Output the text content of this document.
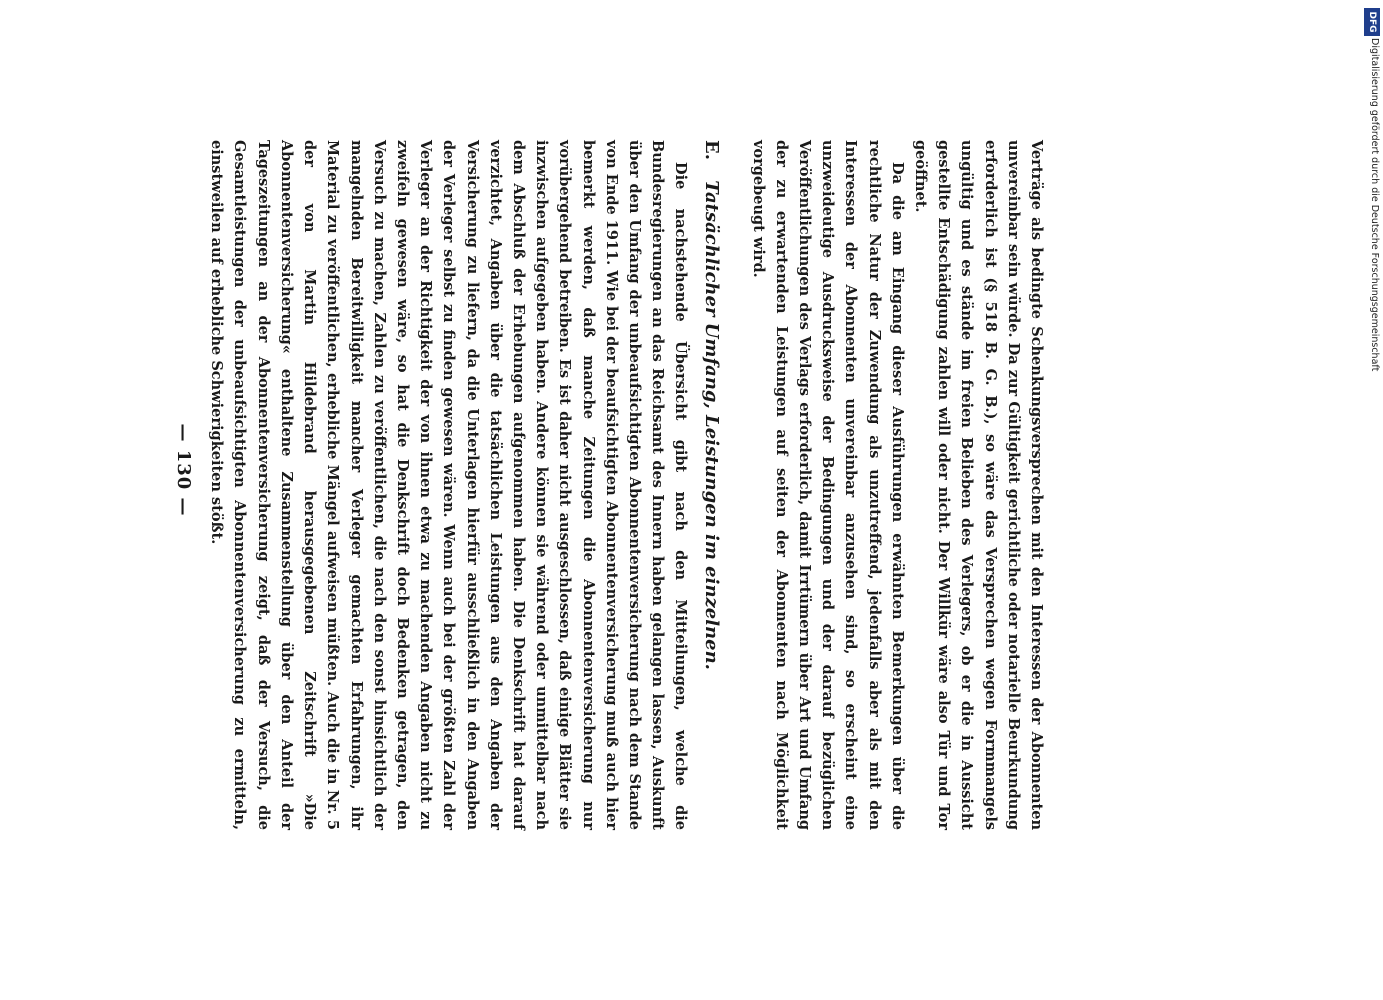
— 130 —	Verträge als bedingte Schenkungsversprechen mit den Interessen der Abonnenten unvereinbar sein würde. Da zur Gültigkeit gerichtliche oder notarielle Beurkundung erforderlich ist (§ 518 B. G. B.), so wäre das Versprechen wegen Formmangels ungültig und es stände im freien Belieben des Verlegers, ob er die in Aussicht gestellte Entschädigung zahlen will oder nicht. Der Willkür wäre also Tür und Tor geöffnet.

Da die am Eingang dieser Ausführungen erwähnten Bemerkungen über die rechtliche Natur der Zuwendung als unzutreffend, jedenfalls aber als mit den Interessen der Abonnenten unvereinbar anzusehen sind, so erscheint eine unzweideutige Ausdrucksweise der Bedingungen und der darauf bezüglichen Veröffentlichungen des Verlags erforderlich, damit Irrtümern über Art und Umfang der zu erwartenden Leistungen auf seiten der Abonnenten nach Möglichkeit vorgebeugt wird.

E. Tatsächlicher Umfang, Leistungen im einzelnen.

Die nachstehende Übersicht gibt nach den Mitteilungen, welche die Bundesregierungen an das Reichsamt des Innern haben gelangen lassen, Auskunft über den Umfang der unbeaufsichtigten Abonnentenversicherung nach dem Stande von Ende 1911. Wie bei der beaufsichtigten Abonnentenversicherung muß auch hier bemerkt werden, daß manche Zeitungen die Abonnentenversicherung nur vorübergehend betreiben. Es ist daher nicht ausgeschlossen, daß einige Blätter sie inzwischen aufgegeben haben. Andere können sie während oder unmittelbar nach dem Abschluß der Erhebungen aufgenommen haben. Die Denkschrift hat darauf verzichtet, Angaben über die tatsächlichen Leistungen aus den Angaben der Versicherung zu liefern, da die Unterlagen hierfür ausschließlich in den Angaben der Verleger selbst zu finden gewesen wären. Wenn auch bei der größten Zahl der Verleger an der Richtigkeit der von ihnen etwa zu machenden Angaben nicht zu zweifeln gewesen wäre, so hat die Denkschrift doch Bedenken getragen, den Versuch zu machen, Zahlen zu veröffentlichen, die nach den sonst hinsichtlich der mangelnden Bereitwilligkeit mancher Verleger gemachten Erfahrungen, ihr Material zu veröffentlichen, erhebliche Mängel aufweisen müßten. Auch die in Nr. 5 der von Martin Hildebrand herausgegebenen Zeitschrift »Die Abonnentenversicherung« enthaltene Zusammenstellung über den Anteil der Tageszeitungen an der Abonnentenversicherung zeigt, daß der Versuch, die Gesamtleistungen der unbeaufsichtigten Abonnentenversicherung zu ermitteln, einstweilen auf erhebliche Schwierigkeiten stößt.

DFG
Digitalisierung gefördert durch die Deutsche Forschungsgemeinschaft
